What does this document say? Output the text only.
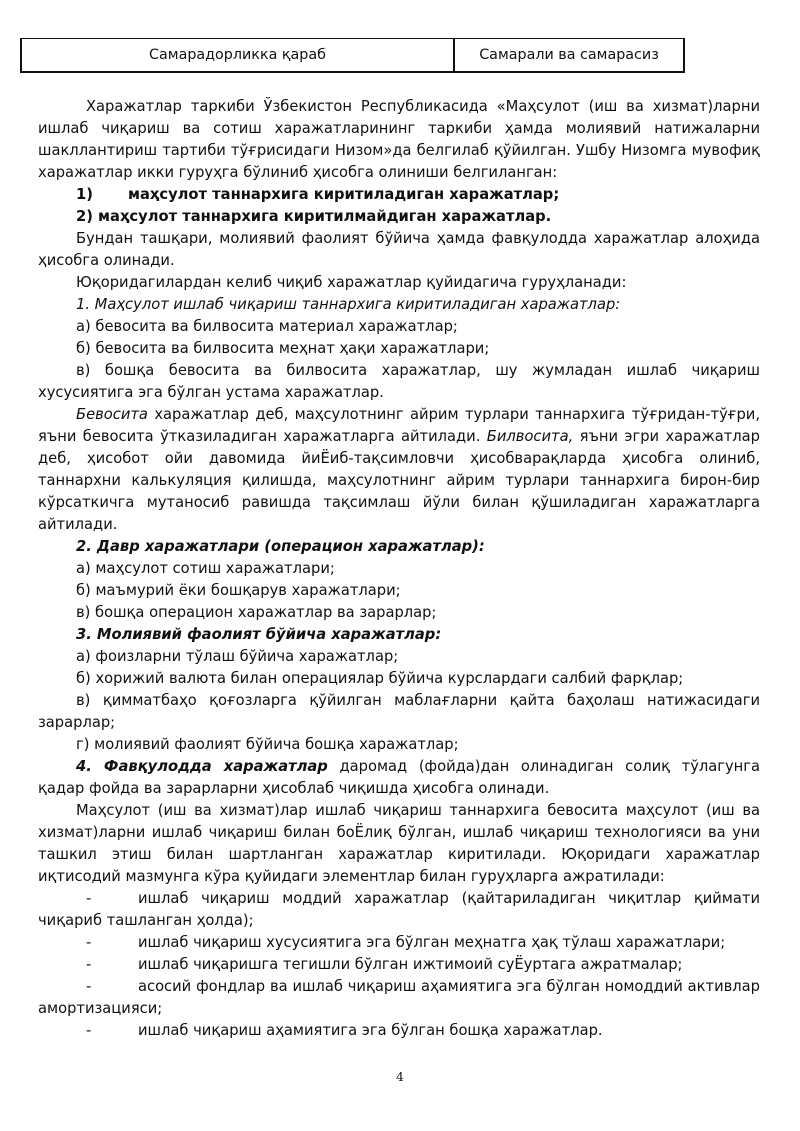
Самарадорликка қараб	Самарали ва самарасиз

Харажатлар таркиби Ўзбекистон Республикасида «Маҳсулот (иш ва хизмат)ларни ишлаб чиқариш ва сотиш харажатларининг таркиби ҳамда молиявий натижаларни шакллантириш тартиби тўғрисидаги Низом»да белгилаб қўйилган. Ушбу Низомга мувофиқ харажатлар икки гуруҳга бўлиниб ҳисобга олиниши белгиланган:

1) маҳсулот таннархига киритиладиган харажатлар;

2) маҳсулот таннархига киритилмайдиган харажатлар.

Бундан ташқари, молиявий фаолият бўйича ҳамда фавқулодда харажатлар алоҳида ҳисобга олинади.

Юқоридагилардан келиб чиқиб харажатлар қуйидагича гуруҳланади:

1. Маҳсулот ишлаб чиқариш таннархига киритиладиган харажатлар:

а) бевосита ва билвосита материал харажатлар;

б) бевосита ва билвосита меҳнат ҳақи харажатлари;

в) бошқа бевосита ва билвосита харажатлар, шу жумладан ишлаб чиқариш хусусиятига эга бўлган устама харажатлар.

Бевосита харажатлар деб, маҳсулотнинг айрим турлари таннархига тўғридан-тўғри, яъни бевосита ўтказиладиган харажатларга айтилади. Билвосита, яъни эгри харажатлар деб, ҳисобот ойи давомида йиЁиб-тақсимловчи ҳисобварақларда ҳисобга олиниб, таннархни калькуляция қилишда, маҳсулотнинг айрим турлари таннархига бирон-бир кўрсаткичга мутаносиб равишда тақсимлаш йўли билан қўшиладиган харажатларга айтилади.

2. Давр харажатлари (операцион харажатлар):

а) маҳсулот сотиш харажатлари;

б) маъмурий ёки бошқарув харажатлари;

в) бошқа операцион харажатлар ва зарарлар;

3. Молиявий фаолият бўйича харажатлар:

а) фоизларни тўлаш бўйича харажатлар;

б) хорижий валюта билан операциялар бўйича курслардаги салбий фарқлар;

в) қимматбаҳо қоғозларга қўйилган маблағларни қайта баҳолаш натижасидаги зарарлар;

г) молиявий фаолият бўйича бошқа харажатлар;

4. Фавқулодда харажатлар даромад (фойда)дан олинадиган солиқ тўлагунга қадар фойда ва зарарларни ҳисоблаб чиқишда ҳисобга олинади.

Маҳсулот (иш ва хизмат)лар ишлаб чиқариш таннархига бевосита маҳсулот (иш ва хизмат)ларни ишлаб чиқариш билан боЁлиқ бўлган, ишлаб чиқариш технологияси ва уни ташкил этиш билан шартланган харажатлар киритилади. Юқоридаги харажатлар иқтисодий мазмунга кўра қуйидаги элементлар билан гуруҳларга ажратилади:

-	ишлаб чиқариш моддий харажатлар (қайтариладиган чиқитлар қиймати чиқариб ташланган ҳолда);

-	ишлаб чиқариш хусусиятига эга бўлган меҳнатга ҳақ тўлаш харажатлари;

-	ишлаб чиқаришга тегишли бўлган ижтимоий суЁуртага ажратмалар;

-	асосий фондлар ва ишлаб чиқариш аҳамиятига эга бўлган номоддий активлар амортизацияси;

-	ишлаб чиқариш аҳамиятига эга бўлган бошқа харажатлар.

4
